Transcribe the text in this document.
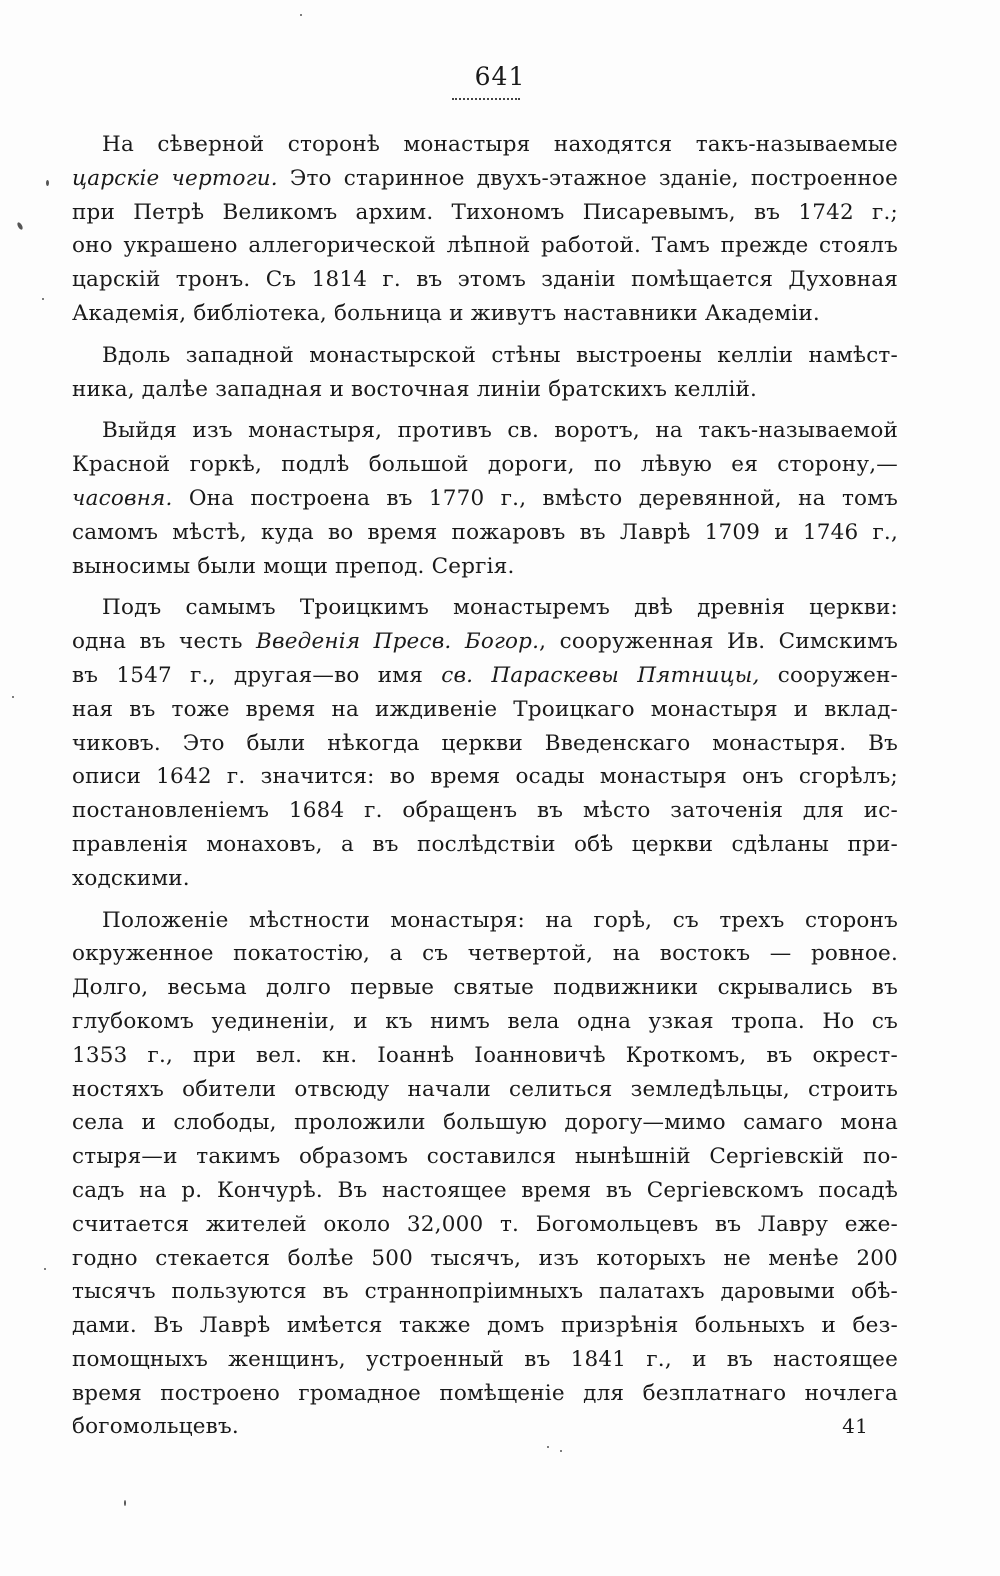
641
На сѣверной сторонѣ монастыря находятся такъ-называемые
царскіе чертоги. Это старинное двухъ-этажное зданіе, построенное
при Петрѣ Великомъ архим. Тихономъ Писаревымъ, въ 1742 г.;
оно украшено аллегорической лѣпной работой. Тамъ прежде стоялъ
царскій тронъ. Съ 1814 г. въ этомъ зданіи помѣщается Духовная
Академія, библіотека, больница и живутъ наставники Академіи.
Вдоль западной монастырской стѣны выстроены келліи намѣст-
ника, далѣе западная и восточная линіи братскихъ келлій.
Выйдя изъ монастыря, противъ св. воротъ, на такъ-называемой
Красной горкѣ, подлѣ большой дороги, по лѣвую ея сторону,—
часовня. Она построена въ 1770 г., вмѣсто деревянной, на томъ
самомъ мѣстѣ, куда во время пожаровъ въ Лаврѣ 1709 и 1746 г.,
выносимы были мощи препод. Сергія.
Подъ самымъ Троицкимъ монастыремъ двѣ древнія церкви:
одна въ честь Введенія Пресв. Богор., сооруженная Ив. Симскимъ
въ 1547 г., другая—во имя св. Параскевы Пятницы, сооружен-
ная въ тоже время на иждивеніе Троицкаго монастыря и вклад-
чиковъ. Это были нѣкогда церкви Введенскаго монастыря. Въ
описи 1642 г. значится: во время осады монастыря онъ сгорѣлъ;
постановленіемъ 1684 г. обращенъ въ мѣсто заточенія для ис-
правленія монаховъ, а въ послѣдствіи обѣ церкви сдѣланы при-
ходскими.
Положеніе мѣстности монастыря: на горѣ, съ трехъ сторонъ
окруженное покатостію, а съ четвертой, на востокъ — ровное.
Долго, весьма долго первые святые подвижники скрывались въ
глубокомъ уединеніи, и къ нимъ вела одна узкая тропа. Но съ
1353 г., при вел. кн. Іоаннѣ Іоанновичѣ Кроткомъ, въ окрест-
ностяхъ обители отвсюду начали селиться земледѣльцы, строить
села и слободы, проложили большую дорогу—мимо самаго мона
стыря—и такимъ образомъ составился нынѣшній Сергіевскій по-
садъ на р. Кончурѣ. Въ настоящее время въ Сергіевскомъ посадѣ
считается жителей около 32,000 т. Богомольцевъ въ Лавру еже-
годно стекается болѣе 500 тысячъ, изъ которыхъ не менѣе 200
тысячъ пользуются въ страннопріимныхъ палатахъ даровыми обѣ-
дами. Въ Лаврѣ имѣется также домъ призрѣнія больныхъ и без-
помощныхъ женщинъ, устроенный въ 1841 г., и въ настоящее
время построено громадное помѣщеніе для безплатнаго ночлега
богомольцевъ.	41
